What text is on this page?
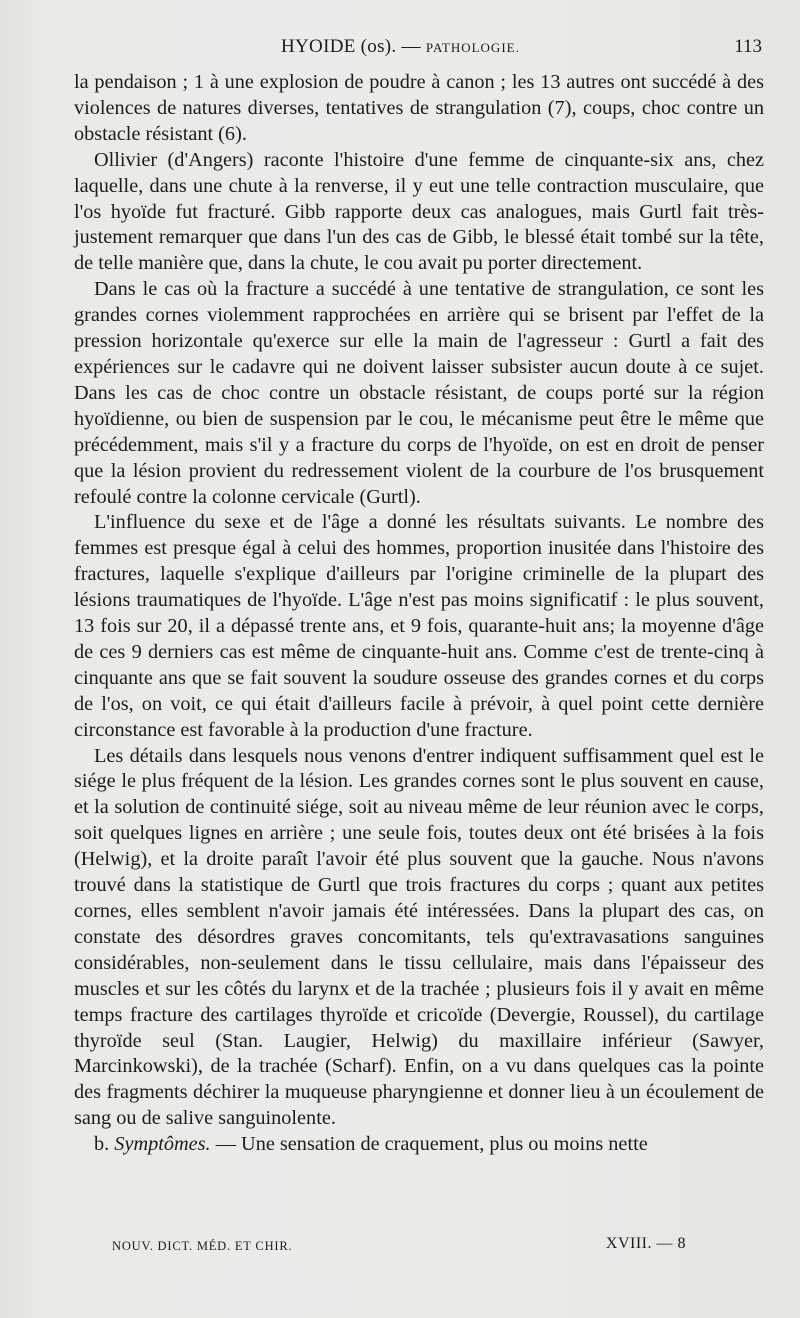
HYOIDE (os). — PATHOLOGIE.	113

la pendaison ; 1 à une explosion de poudre à canon ; les 13 autres ont succédé à des violences de natures diverses, tentatives de strangulation (7), coups, choc contre un obstacle résistant (6).

Ollivier (d'Angers) raconte l'histoire d'une femme de cinquante-six ans, chez laquelle, dans une chute à la renverse, il y eut une telle contraction musculaire, que l'os hyoïde fut fracturé. Gibb rapporte deux cas analogues, mais Gurtl fait très-justement remarquer que dans l'un des cas de Gibb, le blessé était tombé sur la tête, de telle manière que, dans la chute, le cou avait pu porter directement.

Dans le cas où la fracture a succédé à une tentative de strangulation, ce sont les grandes cornes violemment rapprochées en arrière qui se brisent par l'effet de la pression horizontale qu'exerce sur elle la main de l'agresseur : Gurtl a fait des expériences sur le cadavre qui ne doivent laisser subsister aucun doute à ce sujet. Dans les cas de choc contre un obstacle résistant, de coups porté sur la région hyoïdienne, ou bien de suspension par le cou, le mécanisme peut être le même que précédemment, mais s'il y a fracture du corps de l'hyoïde, on est en droit de penser que la lésion provient du redressement violent de la courbure de l'os brusquement refoulé contre la colonne cervicale (Gurtl).

L'influence du sexe et de l'âge a donné les résultats suivants. Le nombre des femmes est presque égal à celui des hommes, proportion inusitée dans l'histoire des fractures, laquelle s'explique d'ailleurs par l'origine criminelle de la plupart des lésions traumatiques de l'hyoïde. L'âge n'est pas moins significatif : le plus souvent, 13 fois sur 20, il a dépassé trente ans, et 9 fois, quarante-huit ans; la moyenne d'âge de ces 9 derniers cas est même de cinquante-huit ans. Comme c'est de trente-cinq à cinquante ans que se fait souvent la soudure osseuse des grandes cornes et du corps de l'os, on voit, ce qui était d'ailleurs facile à prévoir, à quel point cette dernière circonstance est favorable à la production d'une fracture.

Les détails dans lesquels nous venons d'entrer indiquent suffisamment quel est le siége le plus fréquent de la lésion. Les grandes cornes sont le plus souvent en cause, et la solution de continuité siége, soit au niveau même de leur réunion avec le corps, soit quelques lignes en arrière ; une seule fois, toutes deux ont été brisées à la fois (Helwig), et la droite paraît l'avoir été plus souvent que la gauche. Nous n'avons trouvé dans la statistique de Gurtl que trois fractures du corps ; quant aux petites cornes, elles semblent n'avoir jamais été intéressées. Dans la plupart des cas, on constate des désordres graves concomitants, tels qu'extravasations sanguines considérables, non-seulement dans le tissu cellulaire, mais dans l'épaisseur des muscles et sur les côtés du larynx et de la trachée ; plusieurs fois il y avait en même temps fracture des cartilages thyroïde et cricoïde (Devergie, Roussel), du cartilage thyroïde seul (Stan. Laugier, Helwig) du maxillaire inférieur (Sawyer, Marcinkowski), de la trachée (Scharf). Enfin, on a vu dans quelques cas la pointe des fragments déchirer la muqueuse pharyngienne et donner lieu à un écoulement de sang ou de salive sanguinolente.

b. Symptômes. — Une sensation de craquement, plus ou moins nette

NOUV. DICT. MÉD. ET CHIR.	XVIII. — 8
